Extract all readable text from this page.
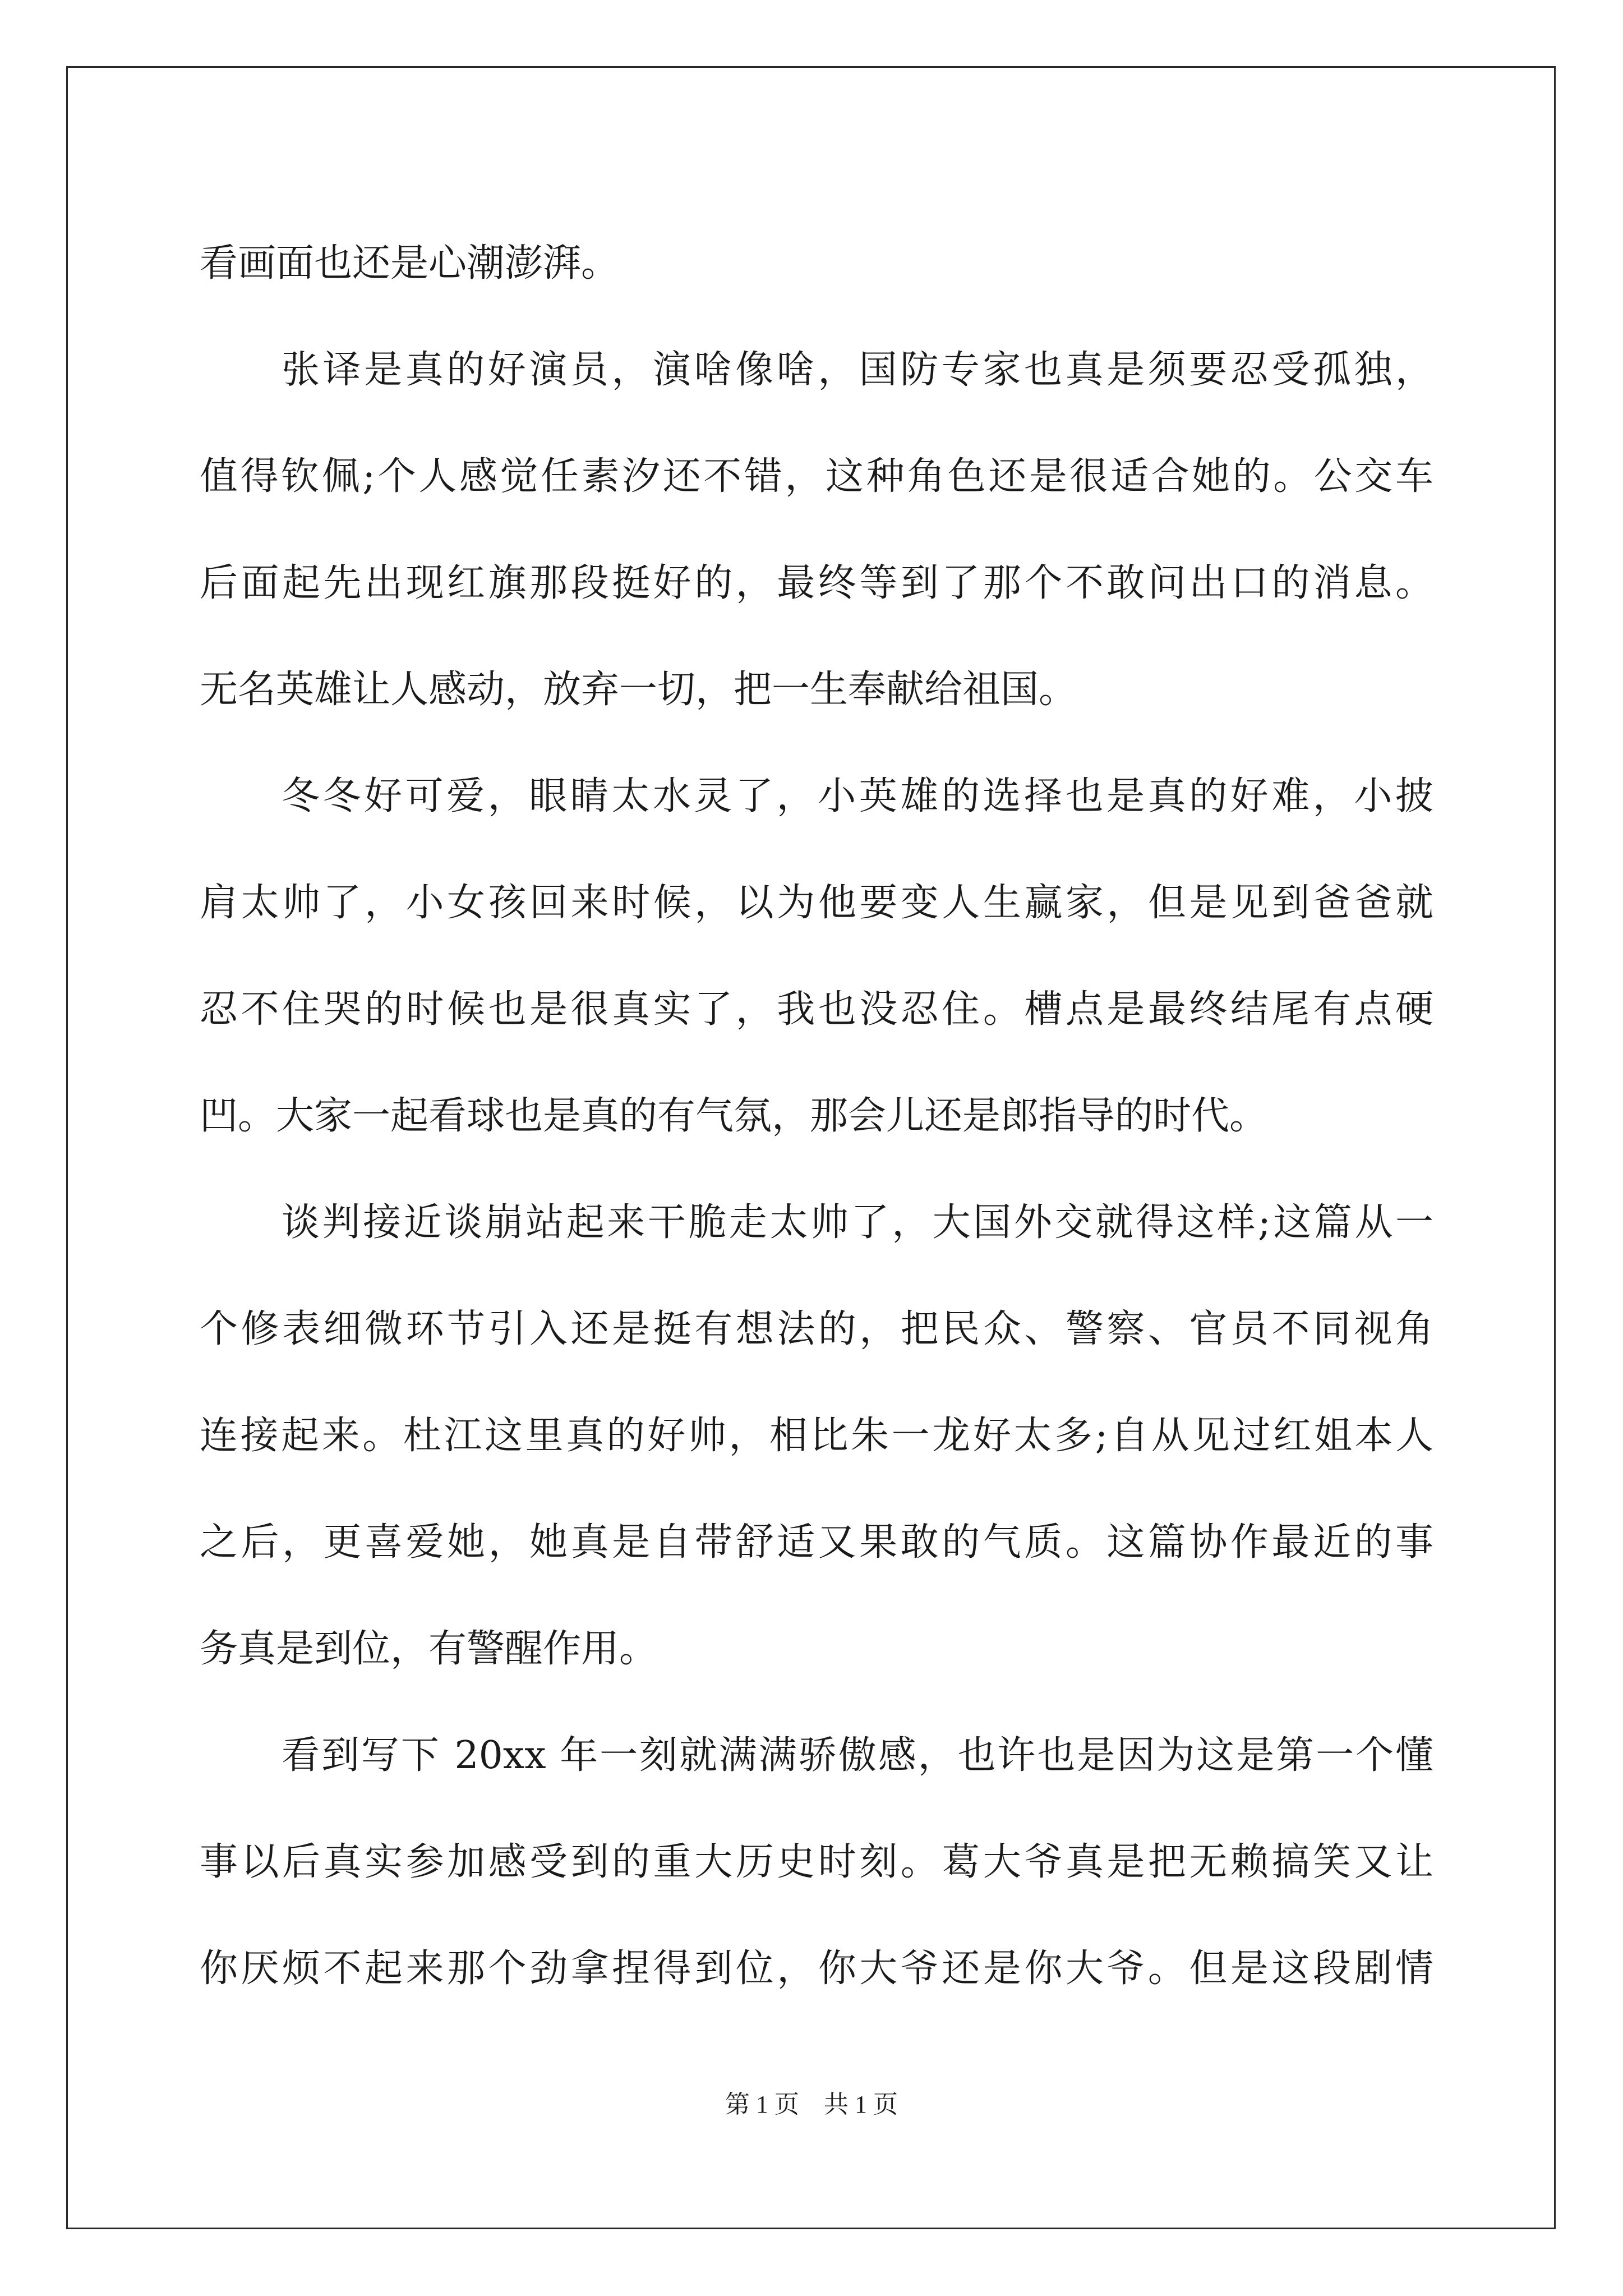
看画面也还是心潮澎湃。
张译是真的好演员，演啥像啥，国防专家也真是须要忍受孤独，
值得钦佩;个人感觉任素汐还不错，这种角色还是很适合她的。公交车
后面起先出现红旗那段挺好的，最终等到了那个不敢问出口的消息。
无名英雄让人感动，放弃一切，把一生奉献给祖国。
冬冬好可爱，眼睛太水灵了，小英雄的选择也是真的好难，小披
肩太帅了，小女孩回来时候，以为他要变人生赢家，但是见到爸爸就
忍不住哭的时候也是很真实了，我也没忍住。槽点是最终结尾有点硬
凹。大家一起看球也是真的有气氛，那会儿还是郎指导的时代。
谈判接近谈崩站起来干脆走太帅了，大国外交就得这样;这篇从一
个修表细微环节引入还是挺有想法的，把民众、警察、官员不同视角
连接起来。杜江这里真的好帅，相比朱一龙好太多;自从见过红姐本人
之后，更喜爱她，她真是自带舒适又果敢的气质。这篇协作最近的事
务真是到位，有警醒作用。
看到写下 20xx 年一刻就满满骄傲感，也许也是因为这是第一个懂
事以后真实参加感受到的重大历史时刻。葛大爷真是把无赖搞笑又让
你厌烦不起来那个劲拿捏得到位，你大爷还是你大爷。但是这段剧情
第 1 页    共 1 页
